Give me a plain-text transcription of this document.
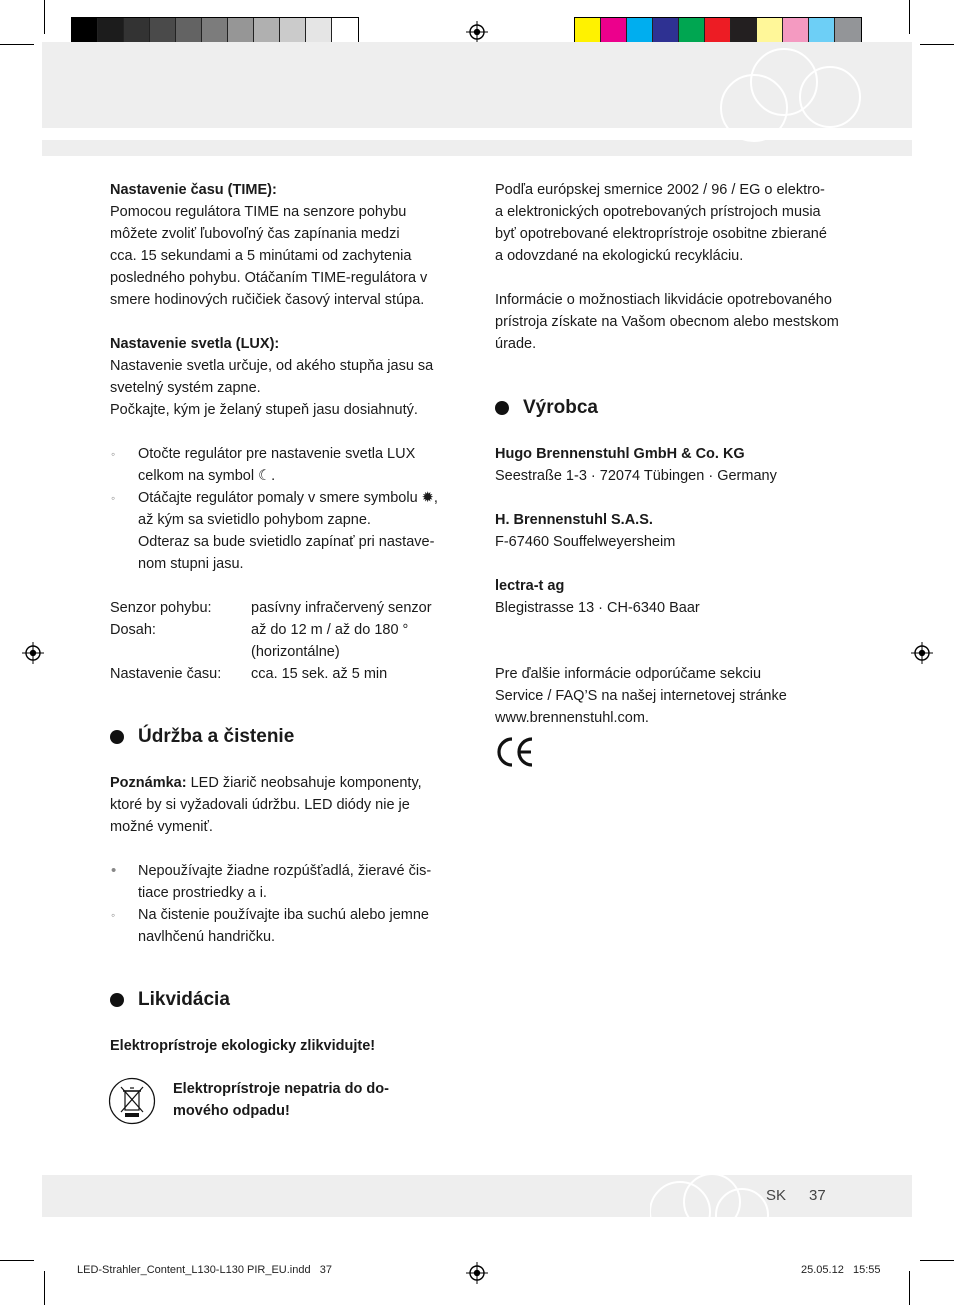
Nastavenie času (TIME):

Pomocou regulátora TIME na senzore pohybu

môžete zvoliť ľubovoľný čas zapínania medzi

cca. 15 sekundami a 5 minútami od zachytenia

posledného pohybu. Otáčaním TIME-regulátora v

smere hodinových ručičiek časový interval stúpa.

Nastavenie svetla (LUX):

Nastavenie svetla určuje, od akého stupňa jasu sa

svetelný systém zapne.

Počkajte, kým je želaný stupeň jasu dosiahnutý.

◦	Otočte regulátor pre nastavenie svetla LUX

celkom na symbol ☾.

◦	Otáčajte regulátor pomaly v smere symbolu ✹,

až kým sa svietidlo pohybom zapne.

Odteraz sa bude svietidlo zapínať pri nastave-

nom stupni jasu.

Senzor pohybu:	pasívny infračervený senzor

Dosah:	až do 12 m / až do 180 °

(horizontálne)

Nastavenie času:	cca. 15 sek. až 5 min

Údržba a čistenie

Poznámka: LED žiarič neobsahuje komponenty,

ktoré by si vyžadovali údržbu. LED diódy nie je

možné vymeniť.

•	Nepoužívajte žiadne rozpúšťadlá, žieravé čis-

tiace prostriedky a i.

◦	Na čistenie používajte iba suchú alebo jemne

navlhčenú handričku.

Likvidácia

Elektroprístroje ekologicky zlikvidujte!

Elektroprístroje nepatria do do-

mového odpadu!

Podľa európskej smernice 2002 / 96 / EG o elektro-

a elektronických opotrebovaných prístrojoch musia

byť opotrebované elektroprístroje osobitne zbierané

a odovzdané na ekologickú recykláciu.

Informácie o možnostiach likvidácie opotrebovaného

prístroja získate na Vašom obecnom alebo mestskom

úrade.

Výrobca

Hugo Brennenstuhl GmbH & Co. KG

Seestraße 1-3 · 72074 Tübingen · Germany

H. Brennenstuhl S.A.S.

F-67460 Souffelweyersheim

lectra-t ag

Blegistrasse 13 · CH-6340 Baar

Pre ďalšie informácie odporúčame sekciu

Service / FAQ’S na našej internetovej stránke

www.brennenstuhl.com.

SK 37
LED-Strahler_Content_L130-L130 PIR_EU.indd   37	25.05.12   15:55
